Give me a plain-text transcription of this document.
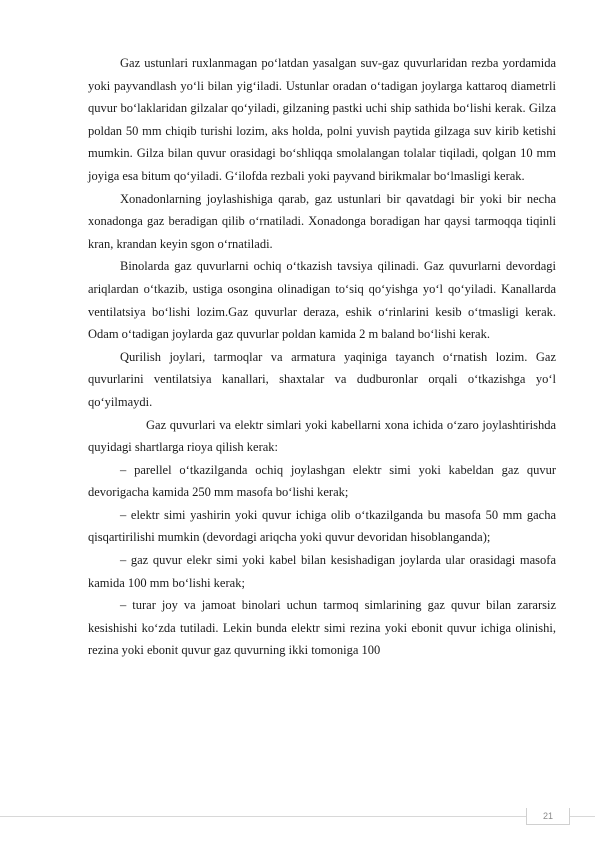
Gaz ustunlari ruxlanmagan po‘latdan yasalgan suv-gaz quvurlaridan rezba yordamida yoki payvandlash yo‘li bilan yig‘iladi. Ustunlar oradan o‘tadigan joylarga kattaroq diametrli quvur bo‘laklaridan gilzalar qo‘yiladi, gilzaning pastki uchi ship sathida bo‘lishi kerak. Gilza poldan 50 mm chiqib turishi lozim, aks holda, polni yuvish paytida gilzaga suv kirib ketishi mumkin. Gilza bilan quvur orasidagi bo‘shliqqa smolalangan tolalar tiqiladi, qolgan 10 mm joyiga esa bitum qo‘yiladi. G‘ilofda rezbali yoki payvand birikmalar bo‘lmasligi kerak.

Xonadonlarning joylashishiga qarab, gaz ustunlari bir qavatdagi bir yoki bir necha xonadonga gaz beradigan qilib o‘rnatiladi. Xonadonga boradigan har qaysi tarmoqqa tiqinli kran, krandan keyin sgon o‘rnatiladi.

Binolarda gaz quvurlarni ochiq o‘tkazish tavsiya qilinadi. Gaz quvurlarni devordagi ariqlardan o‘tkazib, ustiga osongina olinadigan to‘siq qo‘yishga yo‘l qo‘yiladi. Kanallarda ventilatsiya bo‘lishi lozim.Gaz quvurlar deraza, eshik o‘rinlarini kesib o‘tmasligi kerak. Odam o‘tadigan joylarda gaz quvurlar poldan kamida 2 m baland bo‘lishi kerak.

Qurilish joylari, tarmoqlar va armatura yaqiniga tayanch o‘rnatish lozim. Gaz quvurlarini ventilatsiya kanallari, shaxtalar va dudburonlar orqali o‘tkazishga yo‘l qo‘yilmaydi.

Gaz quvurlari va elektr simlari yoki kabellarni xona ichida o‘zaro joylashtirishda quyidagi shartlarga rioya qilish kerak:

– parellel o‘tkazilganda ochiq joylashgan elektr simi yoki kabeldan gaz quvur devorigacha kamida 250 mm masofa bo‘lishi kerak;

– elektr simi yashirin yoki quvur ichiga olib o‘tkazilganda bu masofa 50 mm gacha qisqartirilishi mumkin (devordagi ariqcha yoki quvur devoridan hisoblanganda);

– gaz quvur elekr simi yoki kabel bilan kesishadigan joylarda ular orasidagi masofa kamida 100 mm bo‘lishi kerak;

– turar joy va jamoat binolari uchun tarmoq simlarining gaz quvur bilan zararsiz kesishishi ko‘zda tutiladi. Lekin bunda elektr simi rezina yoki ebonit quvur ichiga olinishi, rezina yoki ebonit quvur gaz quvurning ikki tomoniga 100

21
